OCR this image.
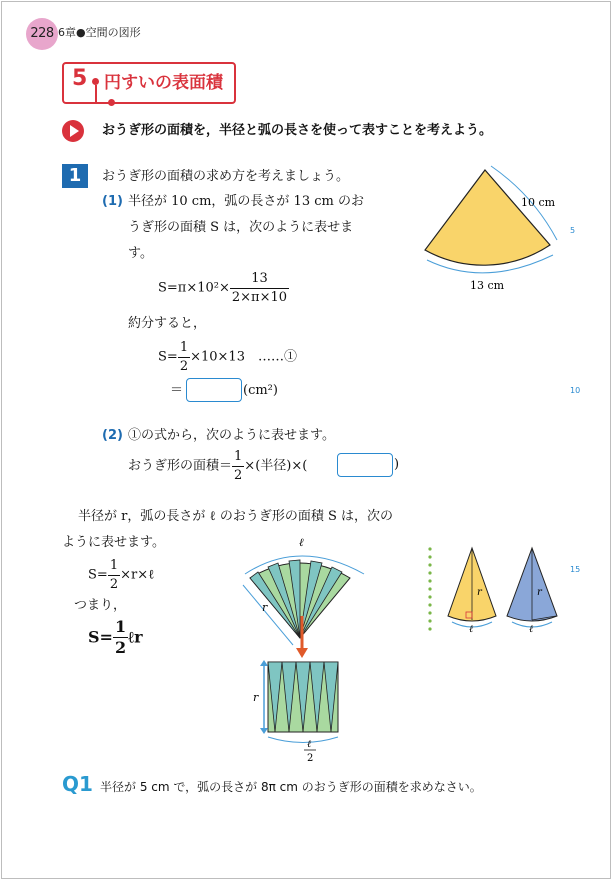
228 6章●空間の図形
5 円すいの表面積
おうぎ形の面積を，半径と弧の長さを使って表すことを考えよう。
1	おうぎ形の面積の求め方を考えましょう。
(1) 半径が 10 cm，弧の長さが 13 cm のお
うぎ形の面積 S は，次のように表せま
す。
$S=\pi\times 10^2\times \frac{13}{2\times\pi\times 10}$
約分すると，
$S= \frac{1}{2} \times 10\times 13$　……①
＝	(cm²)
(2) ①の式から，次のように表せます。
おうぎ形の面積＝ $\frac{1}{2}$ ×(半径)×(	)
半径が r，弧の長さが ℓ のおうぎ形の面積 S は，次の
ように表せます。
$S= \frac{1}{2}$ ×r×ℓ
つまり，
$S= \frac{1}{2}$ ℓr
10 cm
13 cm
ℓ
r
r
ℓ
2
r
ℓ
r
ℓ
5
10
15
Q1 半径が 5 cm で，弧の長さが 8π cm のおうぎ形の面積を求めなさい。
